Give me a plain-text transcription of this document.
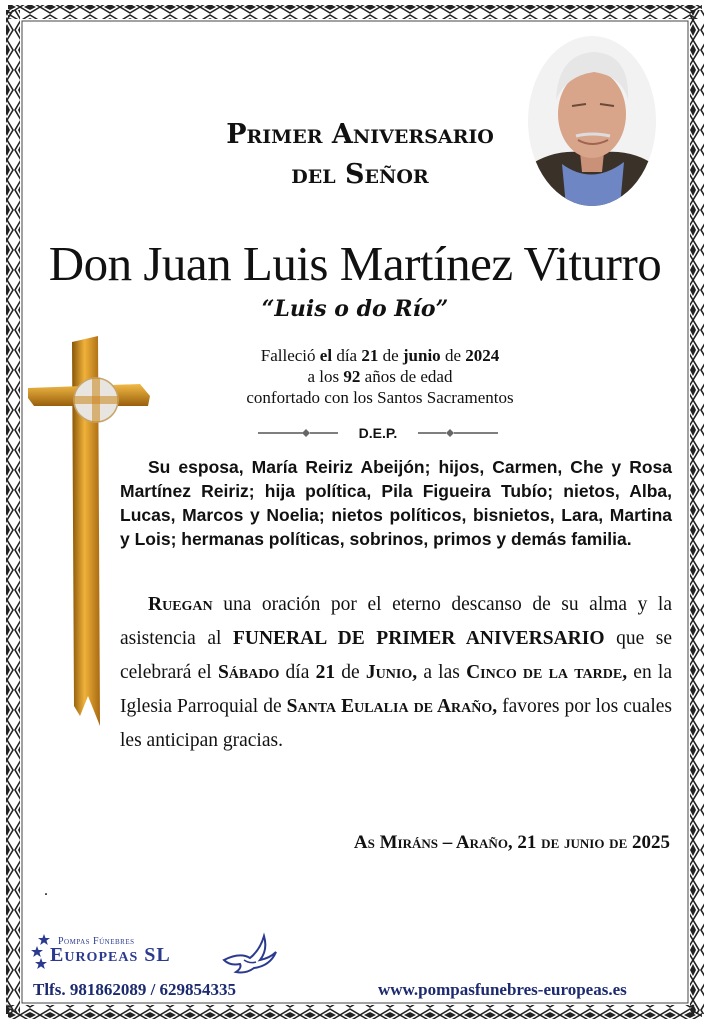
Primer Aniversario
del Señor
Don Juan Luis Martínez Viturro
“Luis o do Río”
Falleció el día 21 de junio de 2024
a los 92 años de edad
confortado con los Santos Sacramentos
D.E.P.
Su esposa, María Reiriz Abeijón; hijos, Carmen, Che y Rosa Martínez Reiriz; hija política, Pila Figueira Tubío; nietos, Alba, Lucas, Marcos y Noelia; nietos políticos, bisnietos, Lara, Martina y Lois; hermanas políticas, sobrinos, primos y demás familia.
Ruegan una oración por el eterno descanso de su alma y la asistencia al FUNERAL DE PRIMER ANIVERSARIO que se celebrará el Sábado día 21 de Junio, a las Cinco de la tarde, en la Iglesia Parroquial de Santa Eulalia de Araño, favores por los cuales les anticipan gracias.
As Miráns – Araño, 21 de junio de 2025
.
Pompas Fúnebres
Europeas SL
Tlfs. 981862089 / 629854335	www.pompasfunebres-europeas.es
